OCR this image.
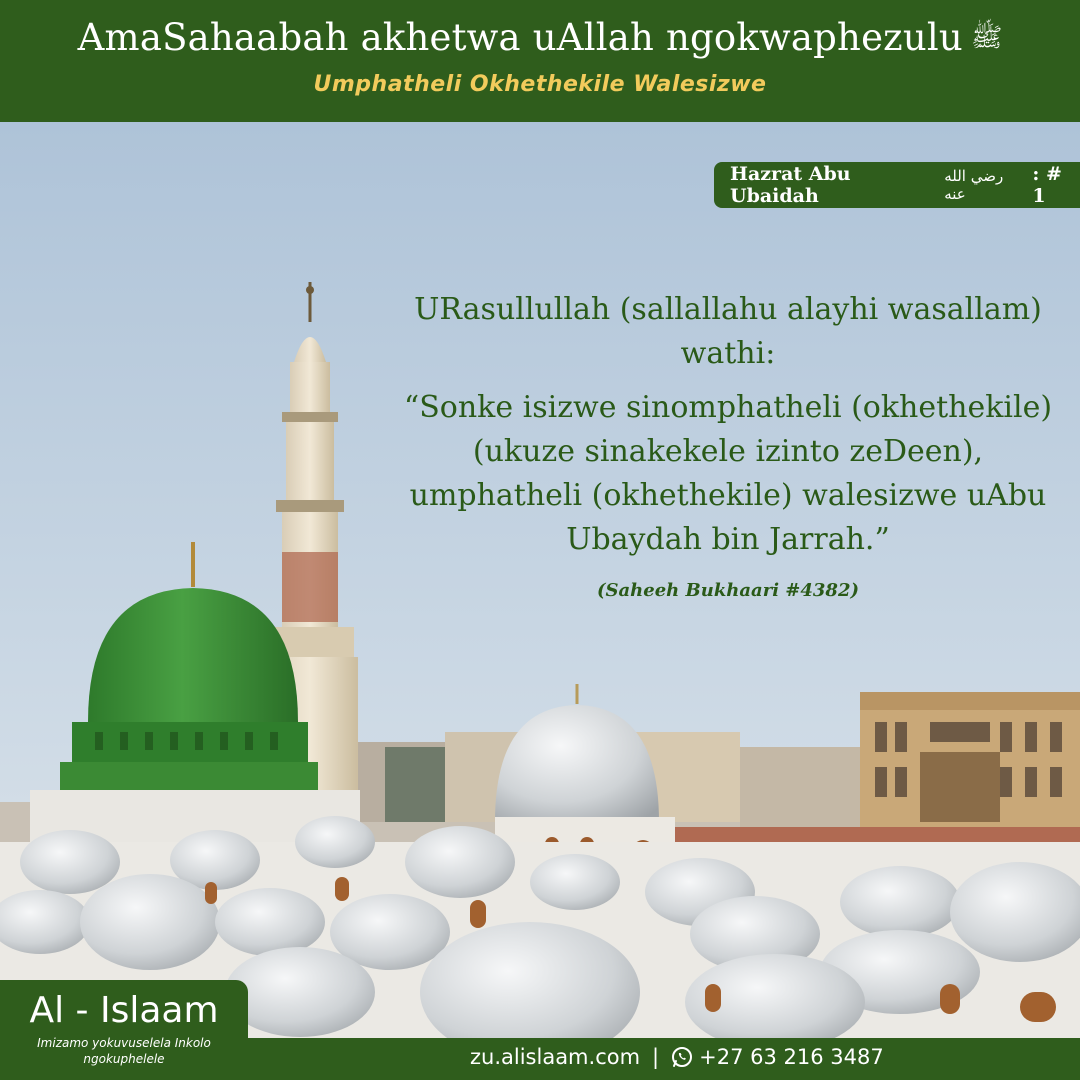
AmaSahaabah akhetwa uAllah ngokwaphezulu ﷺ
Umphatheli Okhethekile Walesizwe
Hazrat Abu Ubaidah
رضي الله عنه
: # 1
URasullullah (sallallahu alayhi wasallam) wathi:
“Sonke isizwe sinomphatheli (okhethekile) (ukuze sinakekele izinto zeDeen), umphatheli (okhethekile) walesizwe uAbu Ubaydah bin Jarrah.”
(Saheeh Bukhaari #4382)
zu.alislaam.com | +27 63 216 3487
Al - Islaam
Imizamo yokuvuselela Inkolo ngokuphelele
